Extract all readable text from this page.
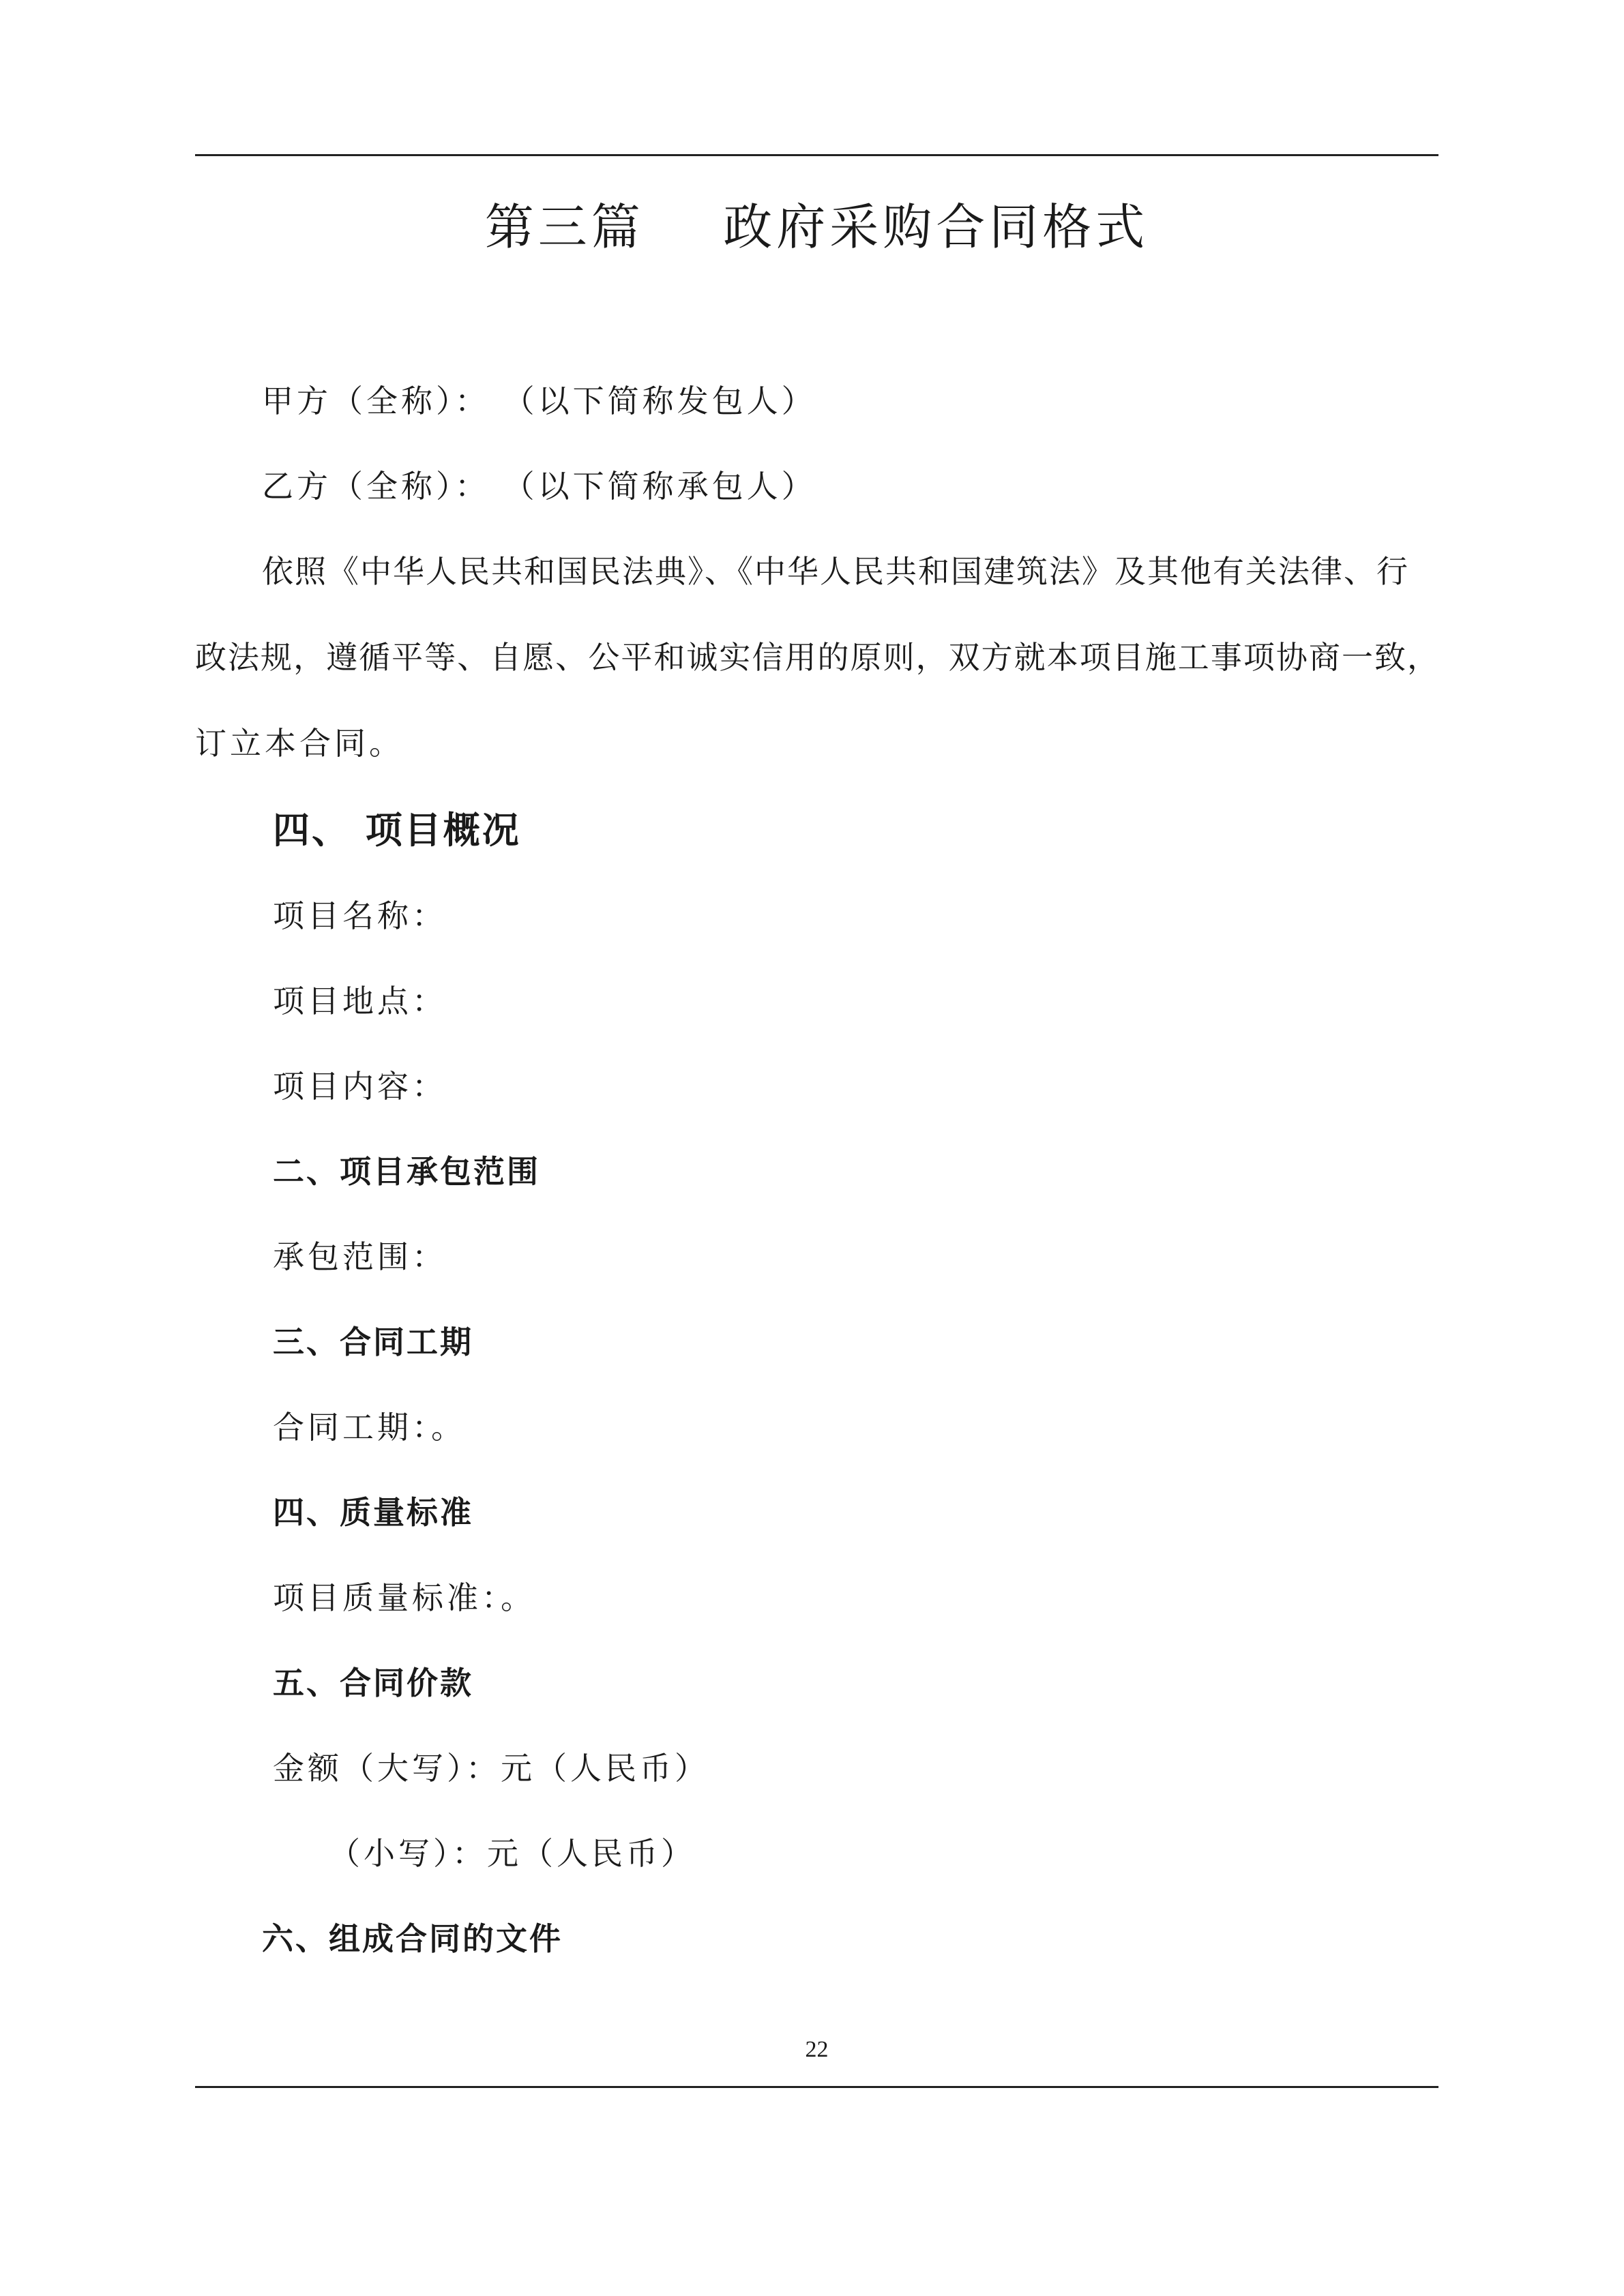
第三篇    政府采购合同格式
甲方（全称）： （以下简称发包人）
乙方（全称）： （以下简称承包人）
依照《中华人民共和国民法典》、《中华人民共和国建筑法》及其他有关法律、行
政法规，遵循平等、自愿、公平和诚实信用的原则，双方就本项目施工事项协商一致，
订立本合同。
四、 项目概况
项目名称：
项目地点：
项目内容：
二、项目承包范围
承包范围：
三、合同工期
合同工期：。
四、质量标准
项目质量标准：。
五、合同价款
金额（大写）：元（人民币）
（小写）：元（人民币）
六、组成合同的文件
22
